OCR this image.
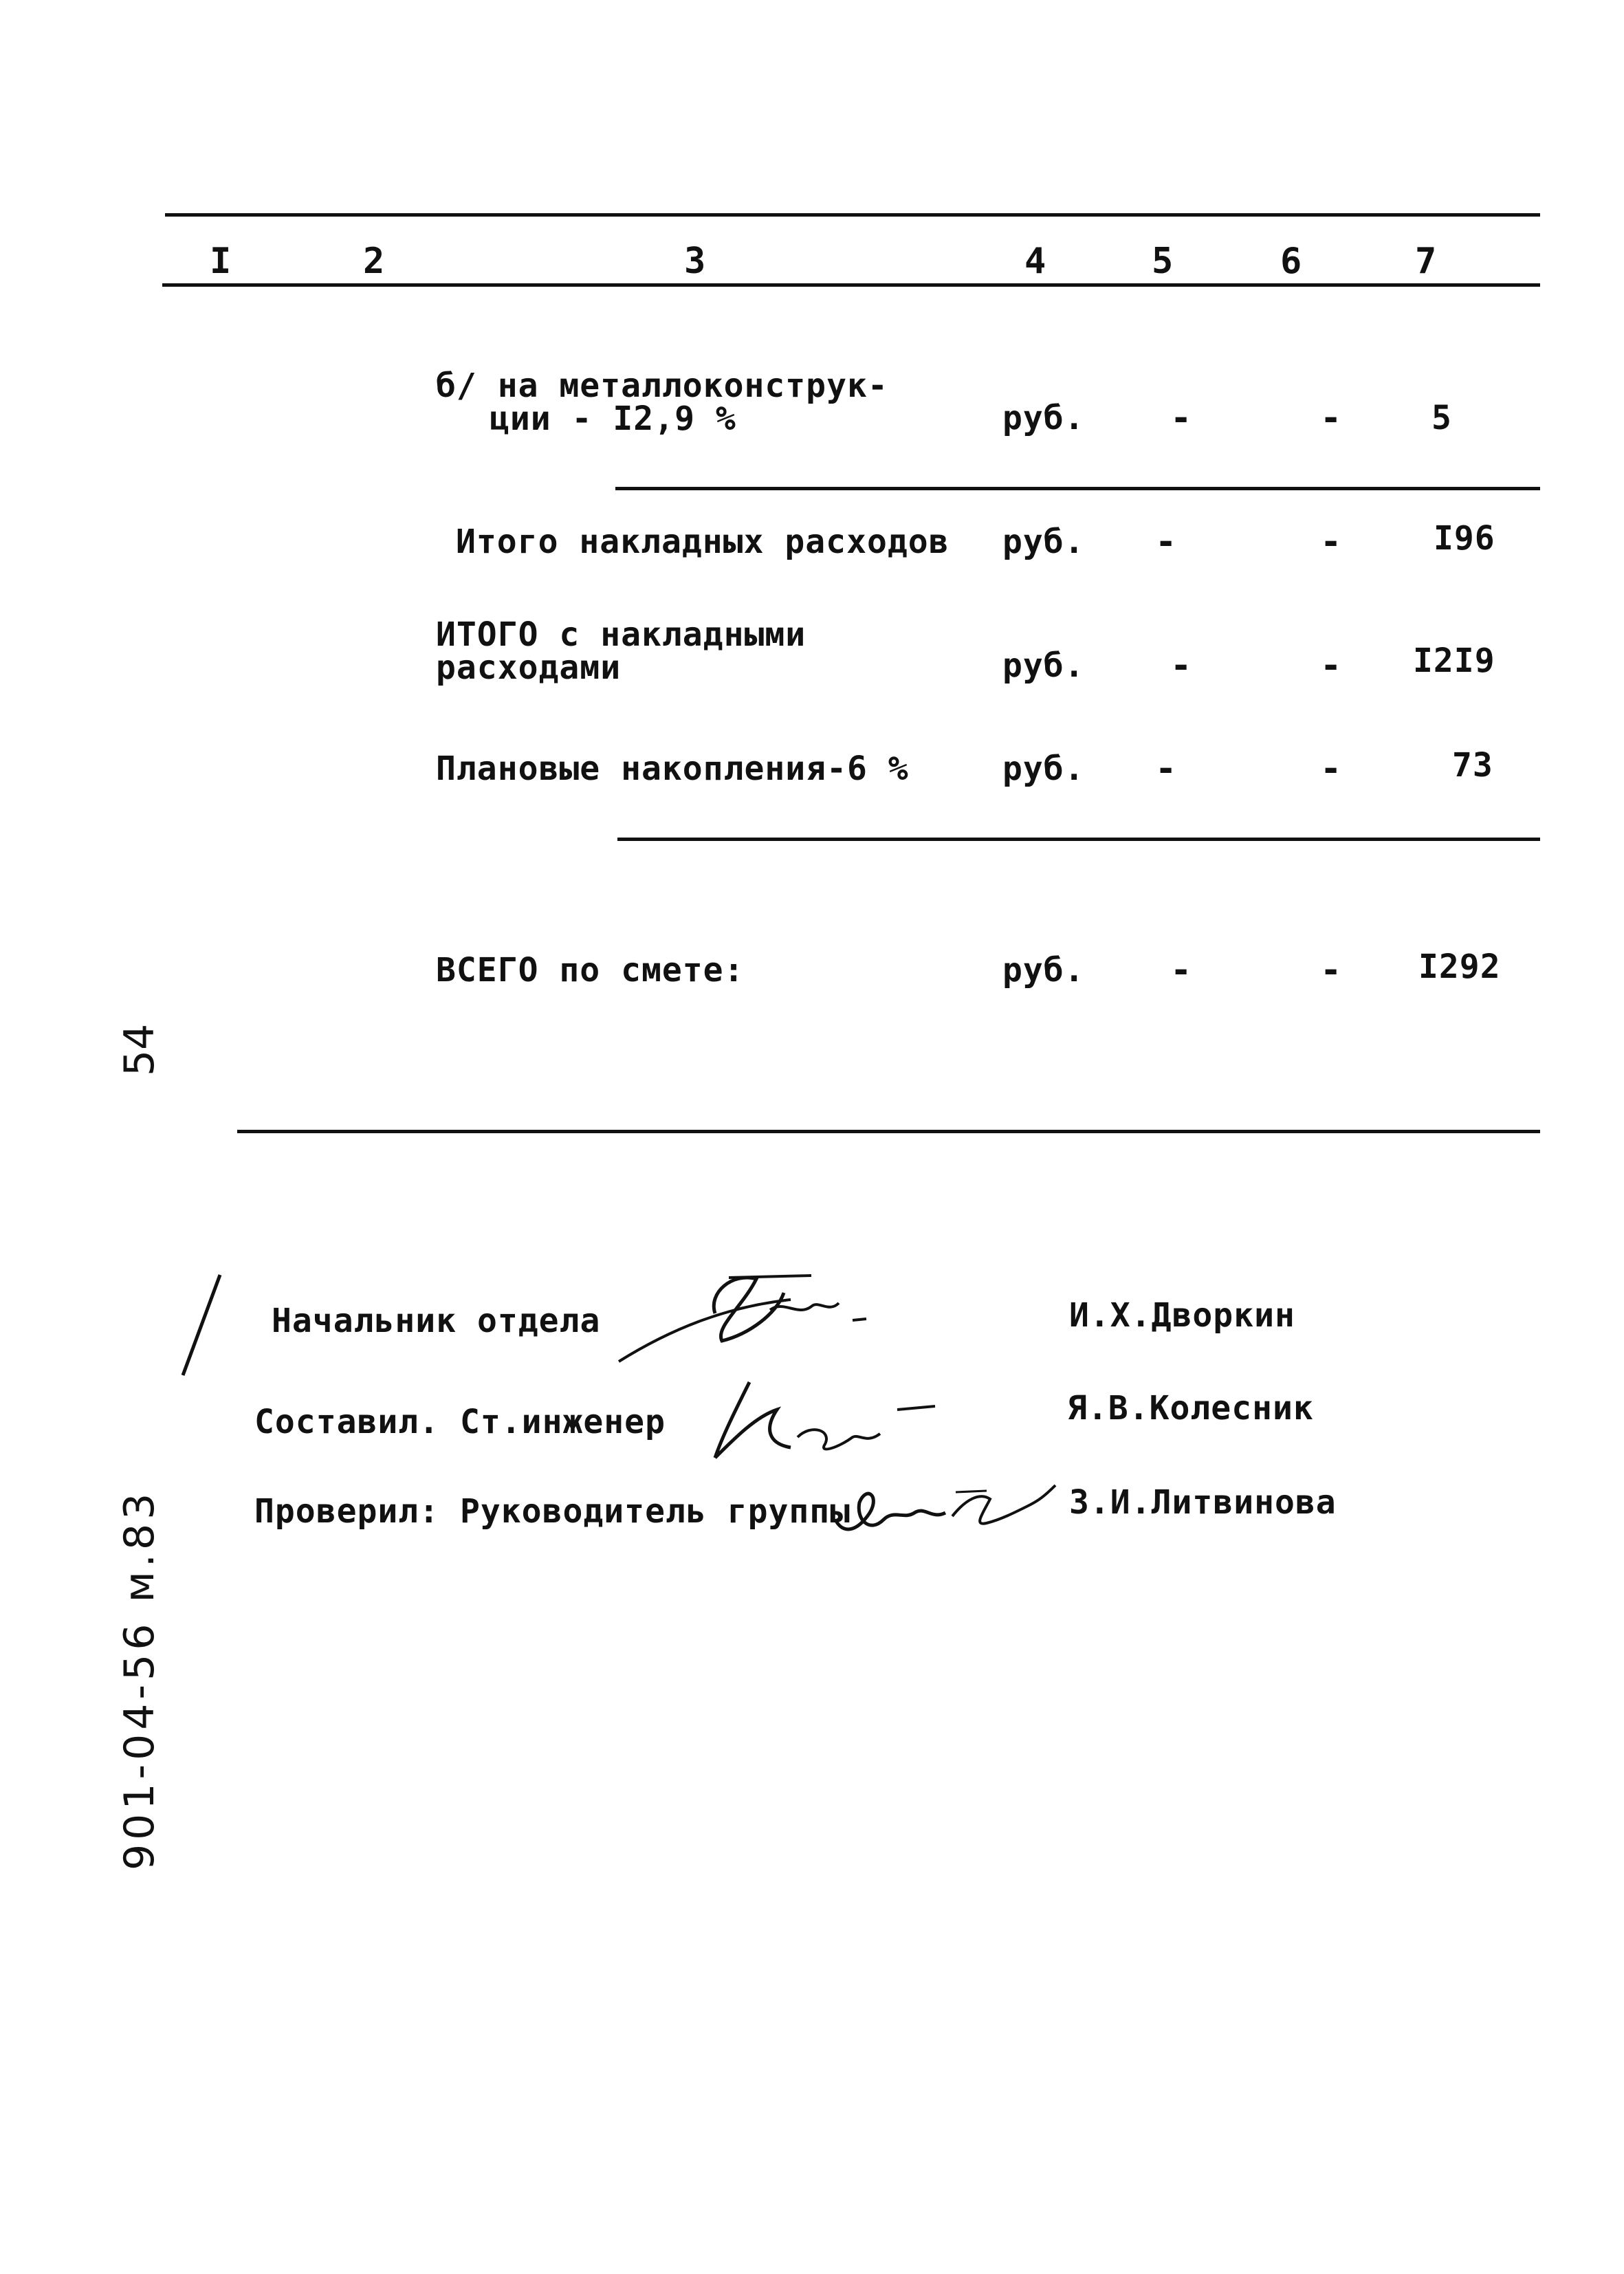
I	2	3	4	5	6	7
б/ на металлоконструк-
ции - I2,9 %	руб. -	-	5
Итого накладных расходов руб. -	-	I96
ИТОГО с накладными
расходами	руб. -	- I2I9
Плановые накопления-6 %	руб. -	-	73
ВСЕГО по смете:	руб. -	- I292
54
901-04-56 м.83
Начальник отдела	И.Х.Дворкин
Составил. Ст.инженер	Я.В.Колесник
Проверил: Руководитель группы	З.И.Литвинова
